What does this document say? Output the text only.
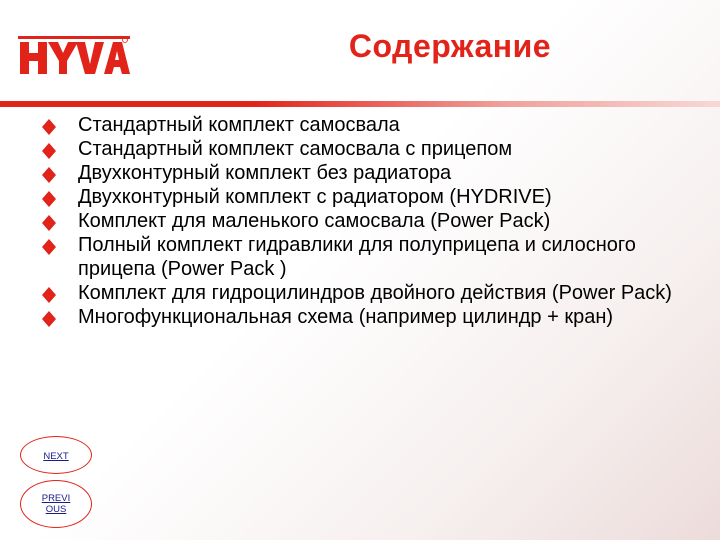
Содержание
Стандартный комплект самосвала
Стандартный комплект самосвала с прицепом
Двухконтурный комплект без радиатора
Двухконтурный комплект с радиатором (HYDRIVE)
Комплект для маленького самосвала (Power Pack)
Полный комплект гидравлики для полуприцепа и силосного прицепа (Power Pack )
Комплект для гидроцилиндров двойного действия (Power Pack)
Многофункциональная схема (например цилиндр + кран)
NEXT
PREVIOUS
